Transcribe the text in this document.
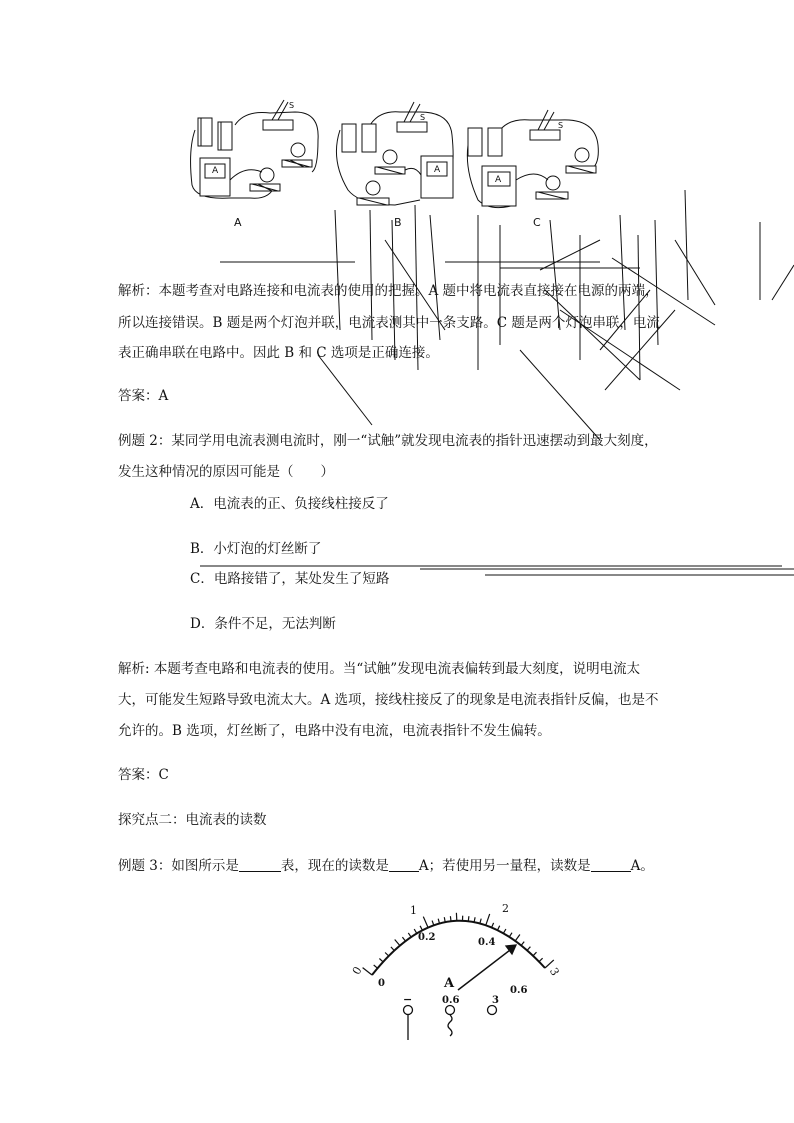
A	A
A
S
S
S
A	B	C
解析：本题考查对电路连接和电流表的使用的把握。A 题中将电流表直接接在电源的两端，
所以连接错误。B 题是两个灯泡并联，电流表测其中一条支路。C 题是两个灯泡串联，电流
表正确串联在电路中。因此 B 和 C 选项是正确连接。
答案：A
例题 2：某同学用电流表测电流时，刚一“试触”就发现电流表的指针迅速摆动到最大刻度，
发生这种情况的原因可能是（　　）
A．电流表的正、负接线柱接反了
B．小灯泡的灯丝断了
C．电路接错了，某处发生了短路
D．条件不足，无法判断
解析: 本题考查电路和电流表的使用。当“试触”发现电流表偏转到最大刻度，说明电流太
大，可能发生短路导致电流太大。A 选项，接线柱接反了的现象是电流表指针反偏，也是不
允许的。B 选项，灯丝断了，电路中没有电流，电流表指针不发生偏转。
答案：C
探究点二：电流表的读数
例题 3：如图所示是	表，现在的读数是 A；若使用另一量程，读数是	A。
0
1	2
3
0
0.2	0.4
0.6
A
−	0.6	3
